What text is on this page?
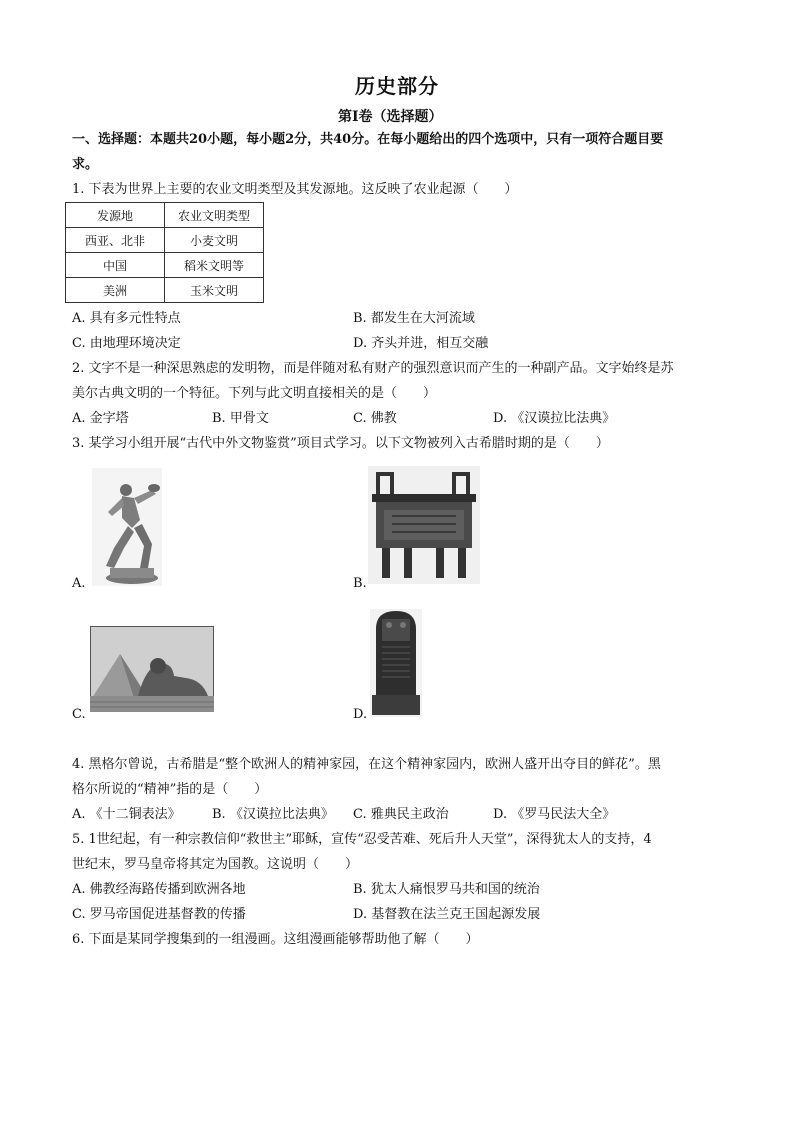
历史部分
第I卷（选择题）
一、选择题：本题共20小题，每小题2分，共40分。在每小题给出的四个选项中，只有一项符合题目要
求。
1. 下表为世界上主要的农业文明类型及其发源地。这反映了农业起源（　　）
发源地	农业文明类型
西亚、北非	小麦文明
中国	稻米文明等
美洲	玉米文明
A. 具有多元性特点	B. 都发生在大河流域
C. 由地理环境决定	D. 齐头并进，相互交融
2. 文字不是一种深思熟虑的发明物，而是伴随对私有财产的强烈意识而产生的一种副产品。文字始终是苏
美尔古典文明的一个特征。下列与此文明直接相关的是（　　）
A. 金字塔	B. 甲骨文	C. 佛教	D. 《汉谟拉比法典》
3. 某学习小组开展“古代中外文物鉴赏”项目式学习。以下文物被列入古希腊时期的是（　　）
A.	B.
C.	D.
4. 黑格尔曾说，古希腊是“整个欧洲人的精神家园，在这个精神家园内，欧洲人盛开出夺目的鲜花”。黑
格尔所说的“精神”指的是（　　）
A. 《十二铜表法》 B. 《汉谟拉比法典》 C. 雅典民主政治	D. 《罗马民法大全》
5. 1世纪起，有一种宗教信仰“救世主”耶稣，宣传“忍受苦难、死后升人天堂”，深得犹太人的支持，4
世纪末，罗马皇帝将其定为国教。这说明（　　）
A. 佛教经海路传播到欧洲各地	B. 犹太人痛恨罗马共和国的统治
C. 罗马帝国促进基督教的传播	D. 基督教在法兰克王国起源发展
6. 下面是某同学搜集到的一组漫画。这组漫画能够帮助他了解（　　）
